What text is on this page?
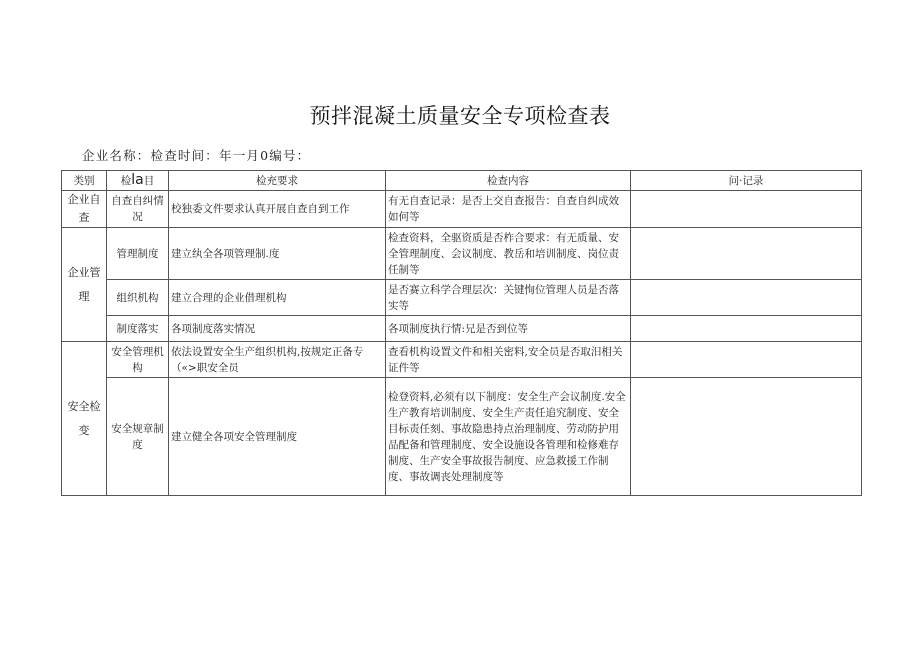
预拌混凝土质量安全专项检查表
企业名称：检查时间：年一月0编号：
类别	检la目	检充要求	检查内容	问·记录
企业自查	自查自纠情况	校独委文件要求认真开展自查自到工作	有无自查记录：是否上交自查报告：自查自纠成效如何等	
企业管理	管理制度	建立纨全各项管理制.度	检查资料，全驱资质是否柞合要求：有无质量、安全管理制度、会议制度、教岳和培训制度、岗位责任制等	
	组织机构	建立合理的企业借理机构	是否赛立科学合理层次：关键恂位管理人员是否落实等	
	制度落实	各项制度落实情况	各项制度执行情:兄是否到位等	
安全检变	安全管理机构	依法设置安全生产组织机构,按规定正备专（«>职安全员	查看机构设置文件和相关密料,安全员是否取汨相关证件等	
	安全规章制度	建立健全各项安全管理制度	检登资料,必须有以下制度：安全生产会议制度.安全生产教育培训制度、安全生产责任追究制度、安全目标责任刻、事故隐患持点治理制度、劳动防护用品配备和管理制度、安全设施设各管理和检修难存制度、生产安全事故报告制度、应急救援工作制度、事故调丧处理制度等	
